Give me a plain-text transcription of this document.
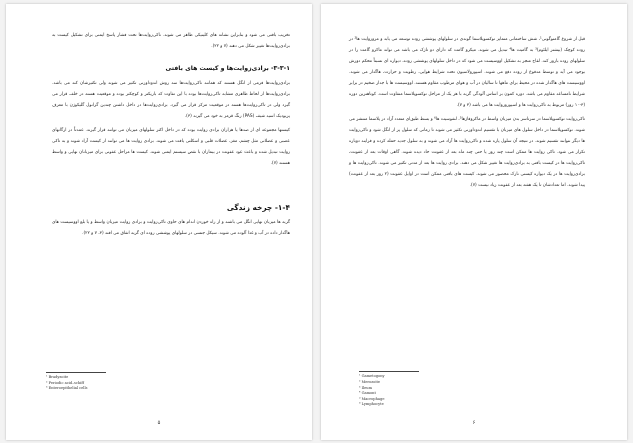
تخریب بافتی می شود و بنابراین نشانه های کلینیکی ظاهر می شوند. ناکی‌زوایت‌ها تحت فشار پاسخ ایمنی برای تشکیل کیست به برادی‌زوایت‌ها تغییر شکل می دهند (۷ و ۲۲).

۳-۳-۱- برادی‌زوایت‌ها و کیست های بافتی

برادی‌زوایت‌ها فرمی از انگل هستند که همانند ناکی‌زوایت‌ها سه روش اندوداوزنی تکثیر می شوند ولی تکثیرشان کند می باشد. برادی‌زوایت‌ها از لحاظ ظاهری مشابه تاکی‌زوایت‌ها بوده با این تفاوت که باریکتر و کوچکتر بوده و موقعیت هسته در خلف قرار می گیرد ولی در تاکی‌زوایت‌ها هسته در موقعیت مرکز قرار می گیرد. برادی‌زوایت‌ها در داخل داشتن چندین گرانول گلیکوژن با معرف پریودیک اسید شیف (PAS) رنگ قرمز به خود می گیرند (۳).

کیستها مجموعه ای از صدها یا هزاران برادی زوایت بوده که در داخل اکثر سلولهای میزبان می توانند قرار گیرند. عمدتاً در ارگانهای عصبی و عضلانی مثل چشم، مغز، عضلات قلبی و اسکلتی یافت می شوند. برادی زوایت ها می توانند از کیست آزاد شوند و به تاکی زوایت تبدیل شده و باعث عود عفونت در بیماران با نقص سیستم ایمنی شوند. کیست ها مراحل عفونی برای میزبانان نهایی و واسط هستند (۷).

۱-۴- چرخه زندگی

گربه ها میزبان نهایی انگل می باشند و از راه خوردن اندام های حاوی تاکی‌زوایت و برادی زوایت میزبان واسط و یا بلع اووسیست های هاگدار داده در آب و غذا آلوده می شوند. سیکل جنسی در سلولهای پوششی روده ای گربه اتفاق می افتد (۳، ۷ و ۲۲).

¹ Bradyzoite
² Periodic acid–schiff
³ Enteroepithelial cells
۵

قبل از شروع گامتوگونی¹، شش ساختمانی متمایز توکسوپلاسما گوندی در سلولهای پوششی روده توسعه می یابد و مروزوایت ها² در روده کوچک (بیشتر ایلئوم)³ به گامیت ها⁴ تبدیل می شوند. میکرو گامت که دارای دو تاژک می باشد می تواند ماکرو گامت را در سلولهای روده بارور کند. لقاح منجر به تشکیل اووسیست می شود که در داخل سلولهای پوششی روده، دیواره ای نسبتاً محکم دورش بوجود می آید و توسط مدفوع از روده دفع می شوند. اسپورولاسیون تحت شرایط هوایی، رطوبت و حرارت، هاگدار می شوند. اووسیست های هاگدار شده در محیط برای ماهها تا سالیان در آب و هوای مرطوب مقاوم هستند. اووسیست ها با جدار ضخیم در برابر شرایط نامساعد مقاوم می باشد. دوره کمون بر اساس آلودگی گربه با هر یک از مراحل توکسوپلاسما متفاوت است. کوتاهترین دوره (۳-۱۰ روز) مربوط به تاکی‌زوایت ها و اسپوروزوایت ها می باشد (۳ و ۷).

تاکی‌زوایت توکسوپلاسما در سرتاسر بدن میزبان واسط در ماکروفاژها⁵، لنفوسیت ها⁶ و بسط طبق‌ای متعدد آزاد در پلاسما منتشر می شوند. توکسوپلاسما در داخل سلول های میزبان با تقسیم اندوداوزنی تکثیر می شوند تا زمانی که سلول پر از انگل شود و تاکی‌زوایت ها دیگر نتوانند تقسیم شوند. در نتیجه آن سلول پاره شده و تاکی‌زوایت ها آزاد می شوند و به سلول جدید حمله کرده و فرایند دوباره تکرار می شود. تاکی زوایت ها ممکن است چند روز یا حتی چند ماه بعد از عفونت حاد دیده شوند. گاهی اوقات بعد از عفونت، تاکی‌زوایت ها در کیست بافتی به برادی‌زوایت ها تغییر شکل می دهند. برادی زوایت ها بعد از مدتی تکثیر می شوند. تاکی‌زوایت ها و برادی‌زوایت ها در یک دیواره کیستی نازک محصور می شوند. کیست های بافتی ممکن است در اوایل عفونت (۲ روز بعد از عفونت) پیدا شوند. اما تعدادشان تا یک هفته بعد از عفونت زیاد نیست (۷).

¹ Gametogony
² Merozoite
³ Ileum
⁴ Gamont
⁵ Macrophage
⁶ Lymphocyte
۶
